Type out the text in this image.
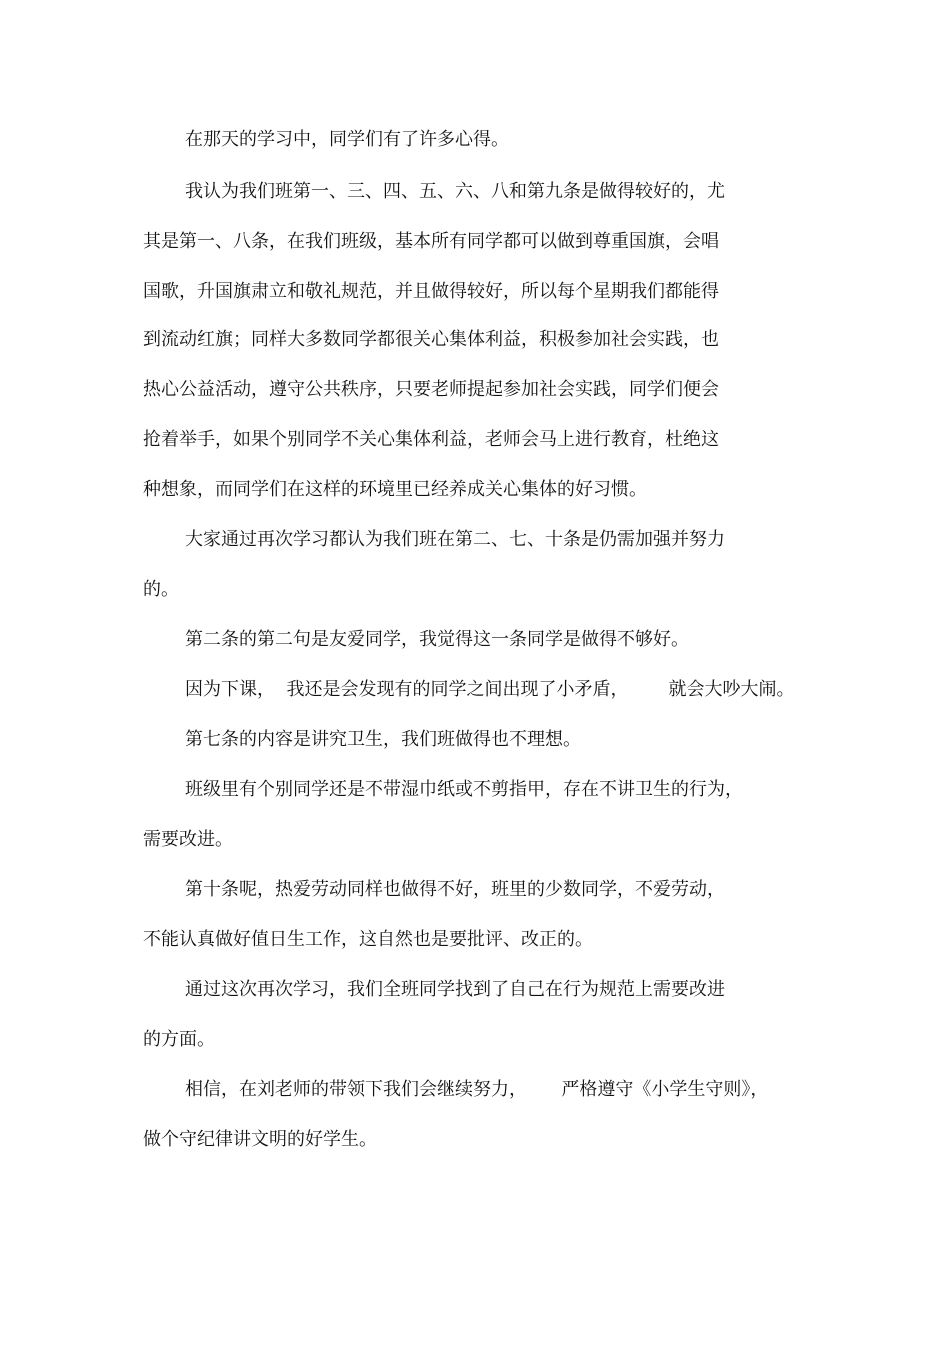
在那天的学习中，同学们有了许多心得。
我认为我们班第一、三、四、五、六、八和第九条是做得较好的，尤
其是第一、八条，在我们班级，基本所有同学都可以做到尊重国旗，会唱
国歌，升国旗肃立和敬礼规范，并且做得较好，所以每个星期我们都能得
到流动红旗；同样大多数同学都很关心集体利益，积极参加社会实践，也
热心公益活动，遵守公共秩序，只要老师提起参加社会实践，同学们便会
抢着举手，如果个别同学不关心集体利益，老师会马上进行教育，杜绝这
种想象，而同学们在这样的环境里已经养成关心集体的好习惯。
大家通过再次学习都认为我们班在第二、七、十条是仍需加强并努力
的。
第二条的第二句是友爱同学，我觉得这一条同学是做得不够好。
因为下课，  我还是会发现有的同学之间出现了小矛盾，       就会大吵大闹。
第七条的内容是讲究卫生，我们班做得也不理想。
班级里有个别同学还是不带湿巾纸或不剪指甲，存在不讲卫生的行为，
需要改进。
第十条呢，热爱劳动同样也做得不好，班里的少数同学，不爱劳动，
不能认真做好值日生工作，这自然也是要批评、改正的。
通过这次再次学习，我们全班同学找到了自己在行为规范上需要改进
的方面。
相信，在刘老师的带领下我们会继续努力，      严格遵守《小学生守则》，
做个守纪律讲文明的好学生。
